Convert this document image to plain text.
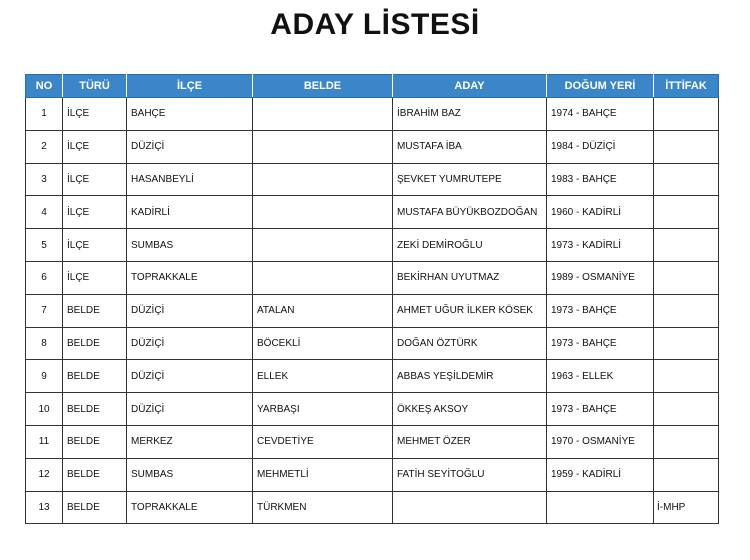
ADAY LİSTESİ
NO	TÜRÜ	İLÇE	BELDE	ADAY	DOĞUM YERİ	İTTİFAK
1	İLÇE	BAHÇE		İBRAHİM BAZ	1974 - BAHÇE	
2	İLÇE	DÜZİÇİ		MUSTAFA İBA	1984 - DÜZİÇİ	
3	İLÇE	HASANBEYLİ		ŞEVKET YUMRUTEPE	1983 - BAHÇE	
4	İLÇE	KADİRLİ		MUSTAFA BÜYÜKBOZDOĞAN	1960 - KADİRLİ	
5	İLÇE	SUMBAS		ZEKİ DEMİROĞLU	1973 - KADİRLİ	
6	İLÇE	TOPRAKKALE		BEKİRHAN UYUTMAZ	1989 - OSMANİYE	
7	BELDE	DÜZİÇİ	ATALAN	AHMET UĞUR İLKER KÖSEK	1973 - BAHÇE	
8	BELDE	DÜZİÇİ	BÖCEKLİ	DOĞAN ÖZTÜRK	1973 - BAHÇE	
9	BELDE	DÜZİÇİ	ELLEK	ABBAS YEŞİLDEMİR	1963 - ELLEK	
10	BELDE	DÜZİÇİ	YARBAŞI	ÖKKEŞ AKSOY	1973 - BAHÇE	
11	BELDE	MERKEZ	CEVDETİYE	MEHMET ÖZER	1970 - OSMANİYE	
12	BELDE	SUMBAS	MEHMETLİ	FATİH SEYİTOĞLU	1959 - KADİRLİ	
13	BELDE	TOPRAKKALE	TÜRKMEN			İ-MHP
